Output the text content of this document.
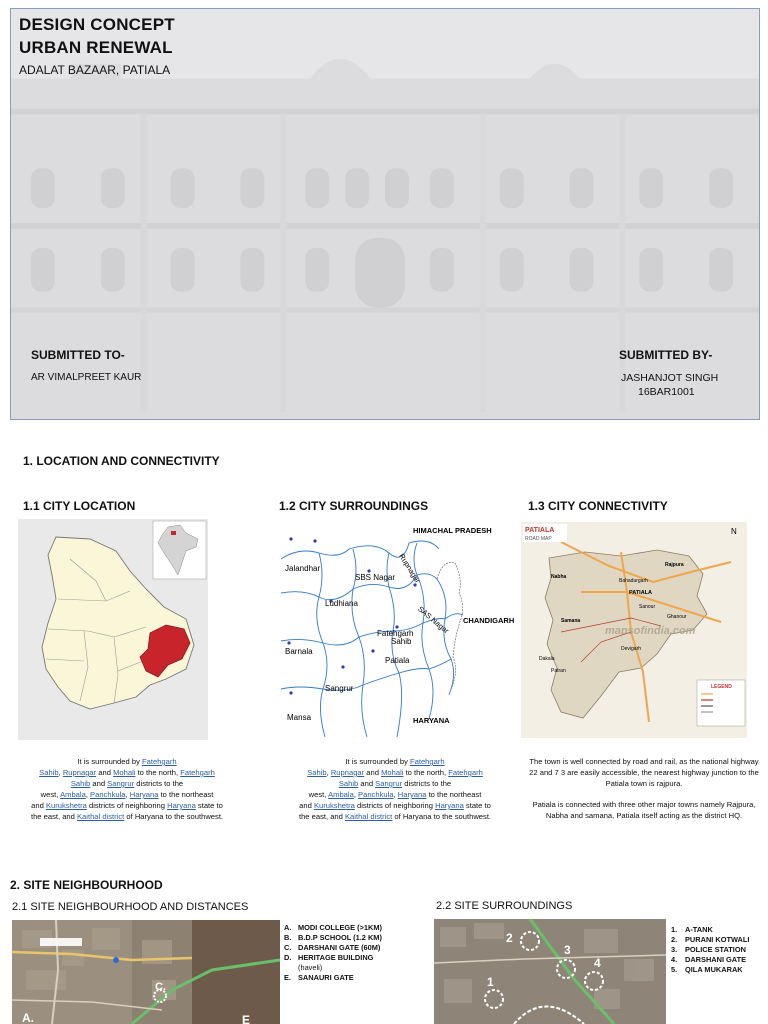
DESIGN CONCEPT
URBAN RENEWAL
ADALAT BAZAAR, PATIALA
SUBMITTED TO-
AR VIMALPREET KAUR
SUBMITTED BY-
JASHANJOT SINGH
16BAR1001
1. LOCATION AND CONNECTIVITY
1.1 CITY LOCATION	1.2 CITY SURROUNDINGS	1.3 CITY CONNECTIVITY
HIMACHAL PRADESH
CHANDIGARH
HARYANA
Jalandhar
SBS Nagar
Ludhiana
Rupnagar
SAS Nagar
Fatehgarh
Sahib
Patiala
Barnala
Sangrur
Mansa
PATIALA
ROAD MAP
mapsofindia.com
Rajpura
Nabha
PATIALA
Samana
Ghanour
Sanour
Dakala
Patran
Bahadurgarh
Devigarh
LEGEND
N
It is surrounded by Fatehgarh
Sahib, Rupnagar and Mohali to the north, Fatehgarh
Sahib and Sangrur districts to the
west, Ambala, Panchkula, Haryana to the northeast
and Kurukshetra districts of neighboring Haryana state to
the east, and Kaithal district of Haryana to the southwest.
It is surrounded by Fatehgarh
Sahib, Rupnagar and Mohali to the north, Fatehgarh
Sahib and Sangrur districts to the
west, Ambala, Panchkula, Haryana to the northeast
and Kurukshetra districts of neighboring Haryana state to
the east, and Kaithal district of Haryana to the southwest.
The town is well connected by road and rail, as the national highway 22 and 7 3 are easily accessible, the nearest highway junction to the Patiala town is rajpura.
Patiala is connected with three other major towns namely Rajpura, Nabha and samana, Patiala itself acting as the district HQ.
2. SITE NEIGHBOURHOOD
2.1 SITE NEIGHBOURHOOD AND DISTANCES	2.2 SITE SURROUNDINGS
C.
A.	E
A. MODI COLLEGE (>1KM)
B. B.D.P SCHOOL (1.2 KM)
C. DARSHANI GATE (60M)
D. HERITAGE BUILDING
(haveli)
E. SANAURI GATE
2
3
4
1
1.	A-TANK
2.	PURANI KOTWALI
3.	POLICE STATION
4.	DARSHANI GATE
5.	QILA MUKARAK
